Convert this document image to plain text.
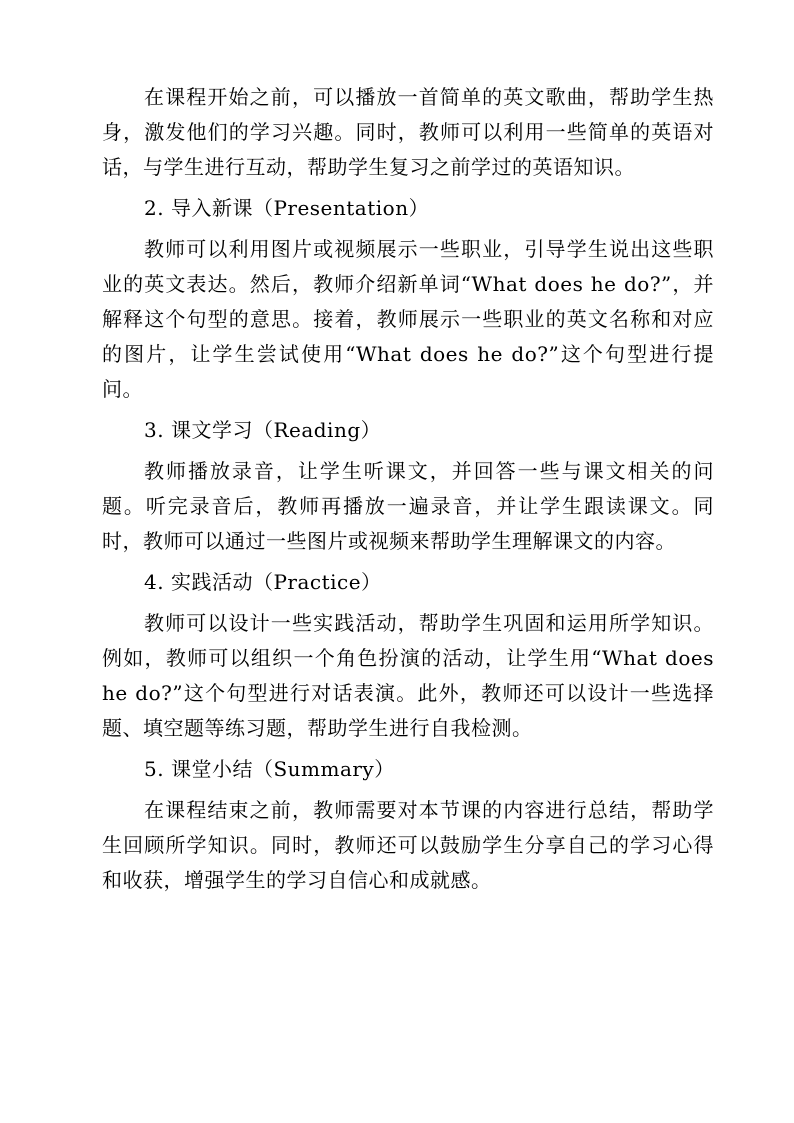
在课程开始之前，可以播放一首简单的英文歌曲，帮助学生热身，激发他们的学习兴趣。同时，教师可以利用一些简单的英语对话，与学生进行互动，帮助学生复习之前学过的英语知识。

2. 导入新课（Presentation）

教师可以利用图片或视频展示一些职业，引导学生说出这些职业的英文表达。然后，教师介绍新单词“What does he do?”，并解释这个句型的意思。接着，教师展示一些职业的英文名称和对应的图片，让学生尝试使用“What does he do?”这个句型进行提问。

3. 课文学习（Reading）

教师播放录音，让学生听课文，并回答一些与课文相关的问题。听完录音后，教师再播放一遍录音，并让学生跟读课文。同时，教师可以通过一些图片或视频来帮助学生理解课文的内容。

4. 实践活动（Practice）

教师可以设计一些实践活动，帮助学生巩固和运用所学知识。例如，教师可以组织一个角色扮演的活动，让学生用“What does he do?”这个句型进行对话表演。此外，教师还可以设计一些选择题、填空题等练习题，帮助学生进行自我检测。

5. 课堂小结（Summary）

在课程结束之前，教师需要对本节课的内容进行总结，帮助学生回顾所学知识。同时，教师还可以鼓励学生分享自己的学习心得和收获，增强学生的学习自信心和成就感。
